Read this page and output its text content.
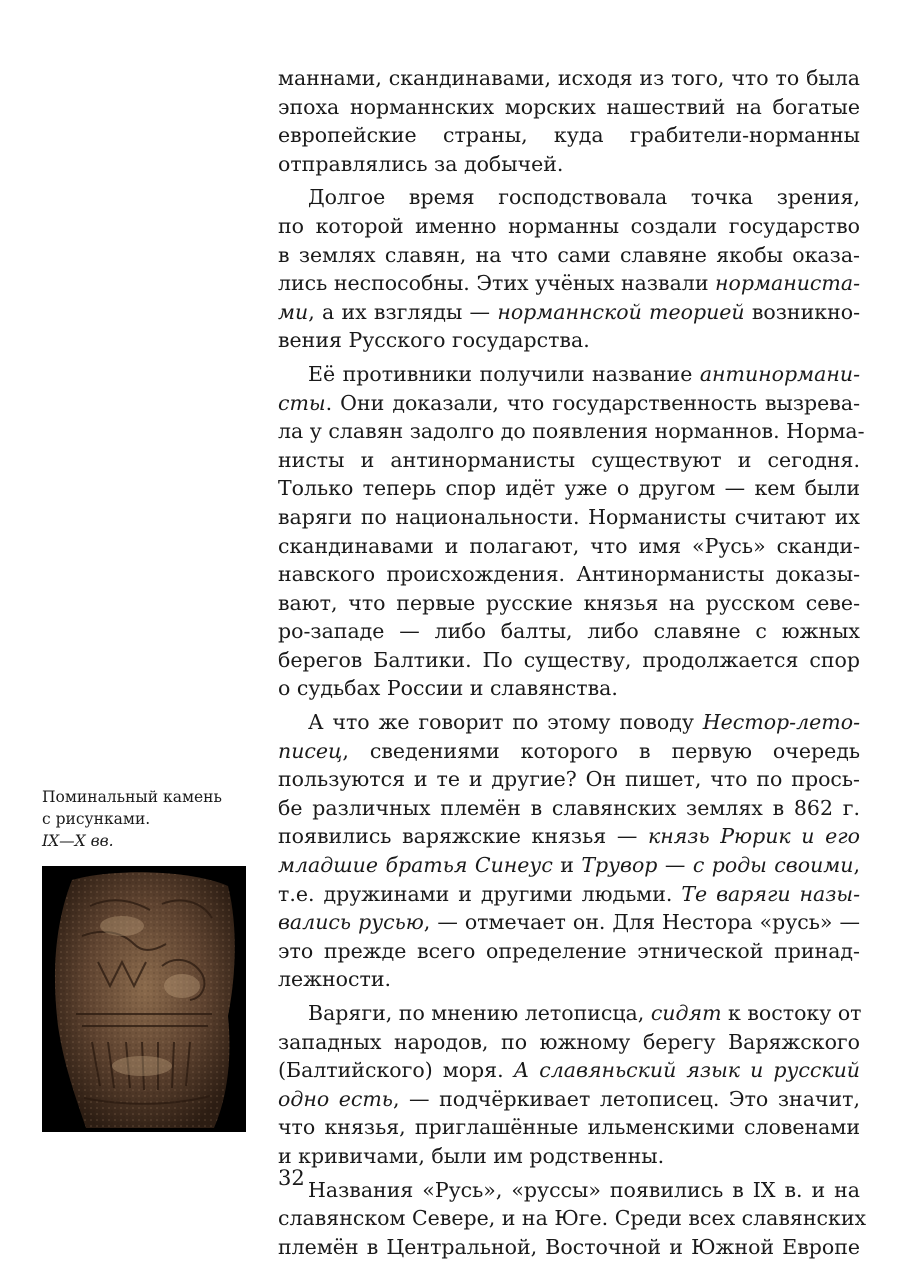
маннами, скандинавами, исходя из того, что то была
эпоха норманнских морских нашествий на богатые
европейские страны, куда грабители-норманны
отправлялись за добычей.

Долгое время господствовала точка зрения,
по которой именно норманны создали государство
в землях славян, на что сами славяне якобы оказа-
лись неспособны. Этих учёных назвали норманиста-
ми, а их взгляды — норманнской теорией возникно-
вения Русского государства.

Её противники получили название антинормани-
сты. Они доказали, что государственность вызрева-
ла у славян задолго до появления норманнов. Норма-
нисты и антинорманисты существуют и сегодня.
Только теперь спор идёт уже о другом — кем были
варяги по национальности. Норманисты считают их
скандинавами и полагают, что имя «Русь» сканди-
навского происхождения. Антинорманисты доказы-
вают, что первые русские князья на русском севе-
ро-западе — либо балты, либо славяне с южных
берегов Балтики. По существу, продолжается спор
о судьбах России и славянства.

А что же говорит по этому поводу Нестор-лето-
писец, сведениями которого в первую очередь
пользуются и те и другие? Он пишет, что по прось-
бе различных племён в славянских землях в 862 г.
появились варяжские князья — князь Рюрик и его
младшие братья Синеус и Трувор — с роды своими,
т.е. дружинами и другими людьми. Те варяги назы-
вались русью, — отмечает он. Для Нестора «русь» —
это прежде всего определение этнической принад-
лежности.

Варяги, по мнению летописца, сидят к востоку от
западных народов, по южному берегу Варяжского
(Балтийского) моря. А славяньский язык и русский
одно есть, — подчёркивает летописец. Это значит,
что князья, приглашённые ильменскими словенами
и кривичами, были им родственны.

Названия «Русь», «руссы» появились в IX в. и на
славянском Севере, и на Юге. Среди всех славянских
племён в Центральной, Восточной и Южной Европе

Поминальный камень
с рисунками.
IX—X вв.
32
